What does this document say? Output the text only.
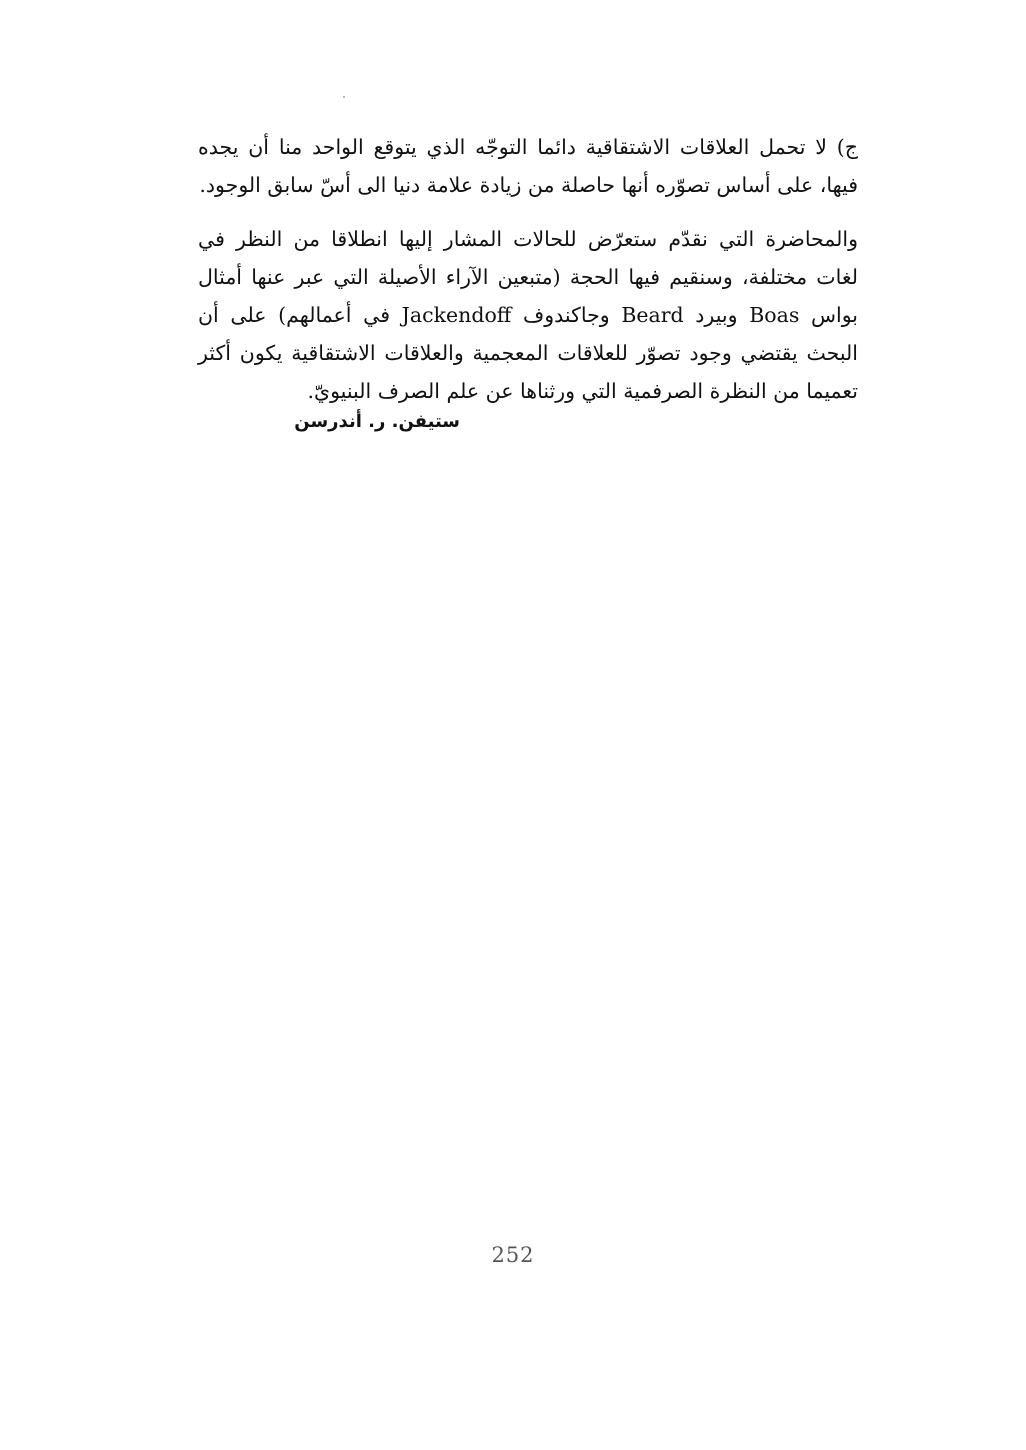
ج) لا تحمل العلاقات الاشتقاقية دائما التوجّه الذي يتوقع الواحد منا أن يجده فيها، على أساس تصوّره أنها حاصلة من زيادة علامة دنيا الى أسّ سابق الوجود.

والمحاضرة التي نقدّم ستعرّض للحالات المشار إليها انطلاقا من النظر في لغات مختلفة، وسنقيم فيها الحجة (متبعين الآراء الأصيلة التي عبر عنها أمثال بواس Boas وبيرد Beard وجاكندوف Jackendoff في أعمالهم) على أن البحث يقتضي وجود تصوّر للعلاقات المعجمية والعلاقات الاشتقاقية يكون أكثر تعميما من النظرة الصرفمية التي ورثناها عن علم الصرف البنيويّ.

ستيفن. ر. أندرسن
252
